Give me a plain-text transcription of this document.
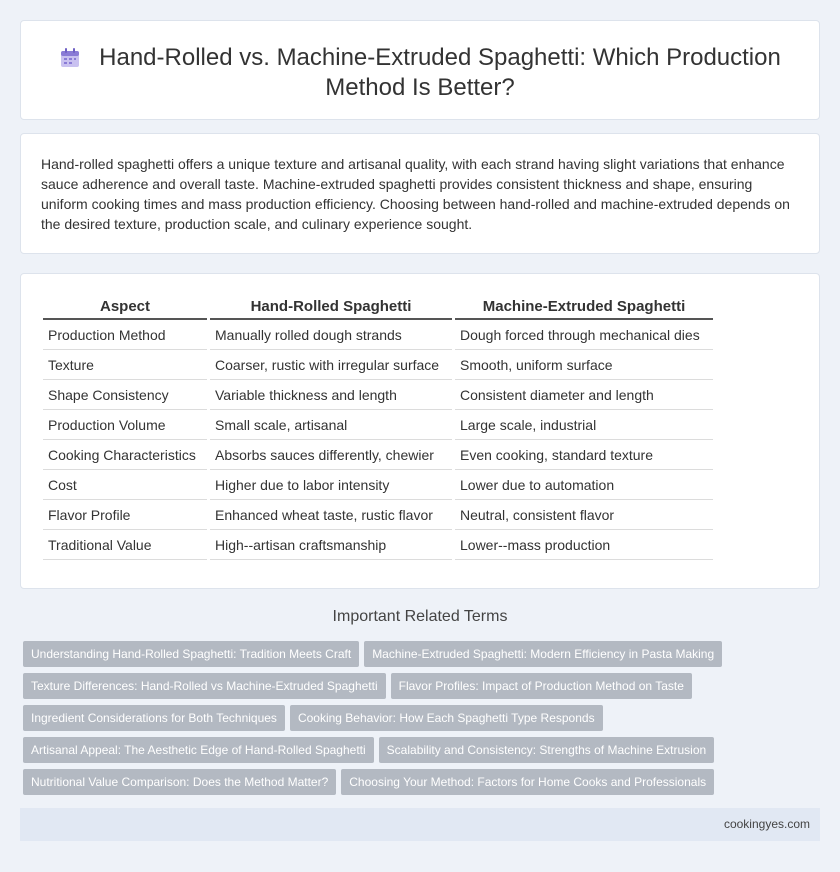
Hand-Rolled vs. Machine-Extruded Spaghetti: Which Production Method Is Better?
Hand-rolled spaghetti offers a unique texture and artisanal quality, with each strand having slight variations that enhance sauce adherence and overall taste. Machine-extruded spaghetti provides consistent thickness and shape, ensuring uniform cooking times and mass production efficiency. Choosing between hand-rolled and machine-extruded depends on the desired texture, production scale, and culinary experience sought.
Aspect	Hand-Rolled Spaghetti	Machine-Extruded Spaghetti
Production Method	Manually rolled dough strands	Dough forced through mechanical dies
Texture	Coarser, rustic with irregular surface	Smooth, uniform surface
Shape Consistency	Variable thickness and length	Consistent diameter and length
Production Volume	Small scale, artisanal	Large scale, industrial
Cooking Characteristics	Absorbs sauces differently, chewier	Even cooking, standard texture
Cost	Higher due to labor intensity	Lower due to automation
Flavor Profile	Enhanced wheat taste, rustic flavor	Neutral, consistent flavor
Traditional Value	High--artisan craftsmanship	Lower--mass production
Important Related Terms
Understanding Hand-Rolled Spaghetti: Tradition Meets Craft Machine-Extruded Spaghetti: Modern Efficiency in Pasta Making
Texture Differences: Hand-Rolled vs Machine-Extruded Spaghetti Flavor Profiles: Impact of Production Method on Taste
Ingredient Considerations for Both Techniques Cooking Behavior: How Each Spaghetti Type Responds
Artisanal Appeal: The Aesthetic Edge of Hand-Rolled Spaghetti Scalability and Consistency: Strengths of Machine Extrusion
Nutritional Value Comparison: Does the Method Matter? Choosing Your Method: Factors for Home Cooks and Professionals
cookingyes.com
